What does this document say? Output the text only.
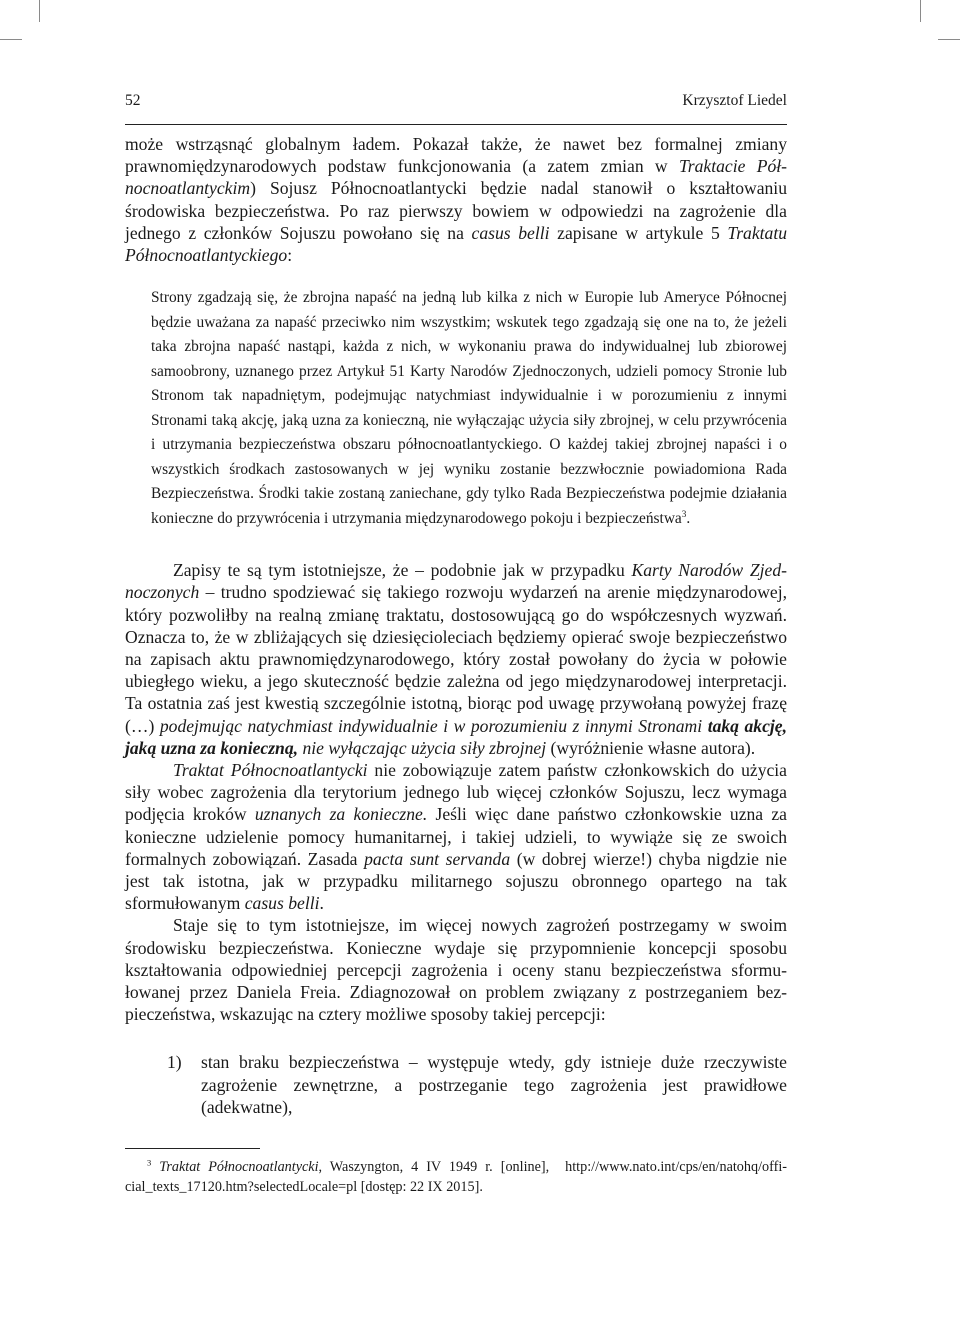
52	Krzysztof Liedel

może wstrząsnąć globalnym ładem. Pokazał także, że nawet bez formalnej zmiany prawnomiędzynarodowych podstaw funkcjonowania (a zatem zmian w Traktacie Północnoatlantyckim) Sojusz Północnoatlantycki będzie nadal stanowił o kształtowaniu środowiska bezpieczeństwa. Po raz pierwszy bowiem w odpowiedzi na zagrożenie dla jednego z członków Sojuszu powołano się na casus belli zapisane w artykule 5 Traktatu Północnoatlantyckiego:

Strony zgadzają się, że zbrojna napaść na jedną lub kilka z nich w Europie lub Ameryce Północnej będzie uważana za napaść przeciwko nim wszystkim; wskutek tego zgadzają się one na to, że jeżeli taka zbrojna napaść nastąpi, każda z nich, w wykonaniu prawa do indywidualnej lub zbiorowej samoobrony, uznanego przez Artykuł 51 Karty Narodów Zjednoczonych, udzieli pomocy Stronie lub Stronom tak napadniętym, podejmując natychmiast indywidualnie i w porozumieniu z innymi Stronami taką akcję, jaką uzna za konieczną, nie wyłączając użycia siły zbrojnej, w celu przywrócenia i utrzymania bezpieczeństwa obszaru północnoatlantyckiego. O każdej takiej zbrojnej napaści i o wszystkich środkach zastosowanych w jej wyniku zostanie bezzwłocznie powiadomiona Rada Bezpieczeństwa. Środki takie zostaną zaniechane, gdy tylko Rada Bezpieczeństwa podejmie działania konieczne do przywrócenia i utrzymania międzynarodowego pokoju i bezpieczeństwa$^3$.

Zapisy te są tym istotniejsze, że – podobnie jak w przypadku Karty Narodów Zjednoczonych – trudno spodziewać się takiego rozwoju wydarzeń na arenie międzynarodowej, który pozwoliłby na realną zmianę traktatu, dostosowującą go do współczesnych wyzwań. Oznacza to, że w zbliżających się dziesięcioleciach będziemy opierać swoje bezpieczeństwo na zapisach aktu prawnomiędzynarodowego, który został powołany do życia w połowie ubiegłego wieku, a jego skuteczność będzie zależna od jego międzynarodowej interpretacji. Ta ostatnia zaś jest kwestią szczególnie istotną, biorąc pod uwagę przywołaną powyżej frazę (…) podejmując natychmiast indywidualnie i w porozumieniu z innymi Stronami taką akcję, jaką uzna za konieczną, nie wyłączając użycia siły zbrojnej (wyróżnienie własne autora).

Traktat Północnoatlantycki nie zobowiązuje zatem państw członkowskich do użycia siły wobec zagrożenia dla terytorium jednego lub więcej członków Sojuszu, lecz wymaga podjęcia kroków uznanych za konieczne. Jeśli więc dane państwo członkowskie uzna za konieczne udzielenie pomocy humanitarnej, i takiej udzieli, to wywiąże się ze swoich formalnych zobowiązań. Zasada pacta sunt servanda (w dobrej wierze!) chyba nigdzie nie jest tak istotna, jak w przypadku militarnego sojuszu obronnego opartego na tak sformułowanym casus belli.

Staje się to tym istotniejsze, im więcej nowych zagrożeń postrzegamy w swoim środowisku bezpieczeństwa. Konieczne wydaje się przypomnienie koncepcji sposobu kształtowania odpowiedniej percepcji zagrożenia i oceny stanu bezpieczeństwa sformułowanej przez Daniela Freia. Zdiagnozował on problem związany z postrzeganiem bezpieczeństwa, wskazując na cztery możliwe sposoby takiej percepcji:

1)	stan braku bezpieczeństwa – występuje wtedy, gdy istnieje duże rzeczywiste zagrożenie zewnętrzne, a postrzeganie tego zagrożenia jest prawidłowe (adekwatne),

$^3$ Traktat Północnoatlantycki, Waszyngton, 4 IV 1949 r. [online],  http://www.nato.int/cps/en/natohq/official_texts_17120.htm?selectedLocale=pl [dostęp: 22 IX 2015].
